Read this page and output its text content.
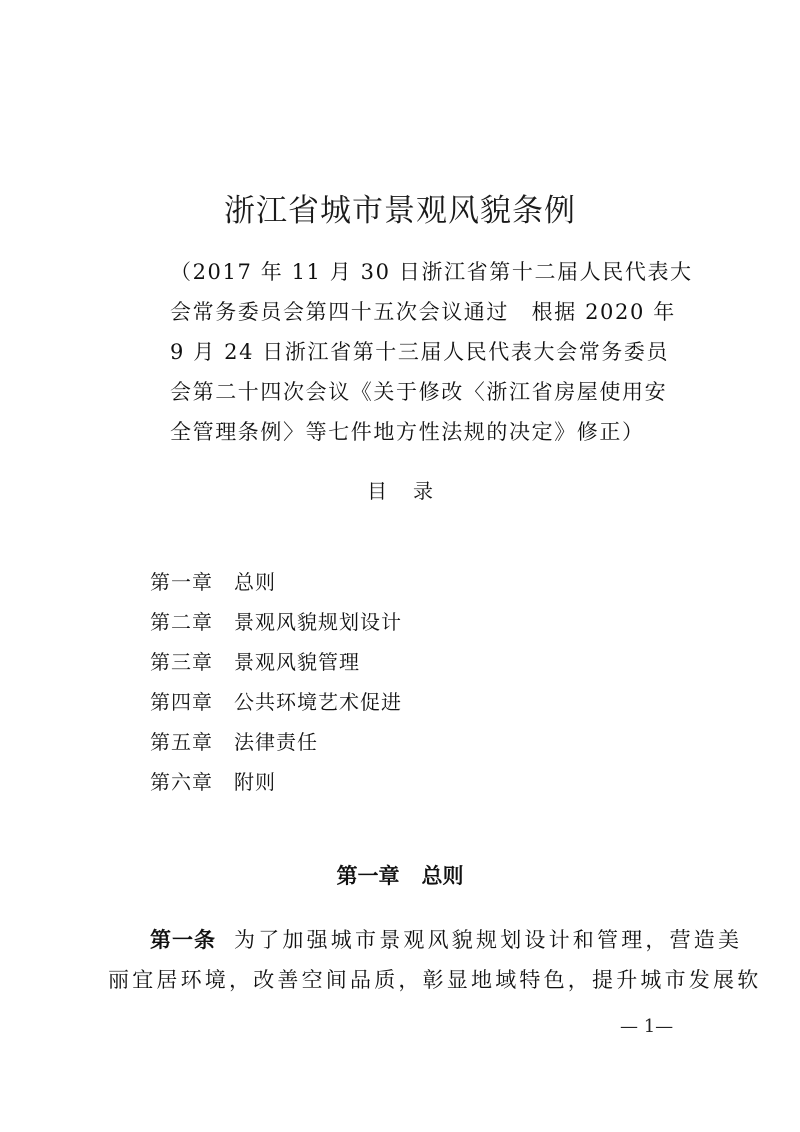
浙江省城市景观风貌条例
（2017 年 11 月 30 日浙江省第十二届人民代表大
会常务委员会第四十五次会议通过　根据 2020 年
9 月 24 日浙江省第十三届人民代表大会常务委员
会第二十四次会议《关于修改〈浙江省房屋使用安
全管理条例〉等七件地方性法规的决定》修正）
目 录
第一章 总则
第二章 景观风貌规划设计
第三章 景观风貌管理
第四章 公共环境艺术促进
第五章 法律责任
第六章 附则
第一章 总则
第一条 为了加强城市景观风貌规划设计和管理，营造美
丽宜居环境，改善空间品质，彰显地域特色，提升城市发展软
— 1—
